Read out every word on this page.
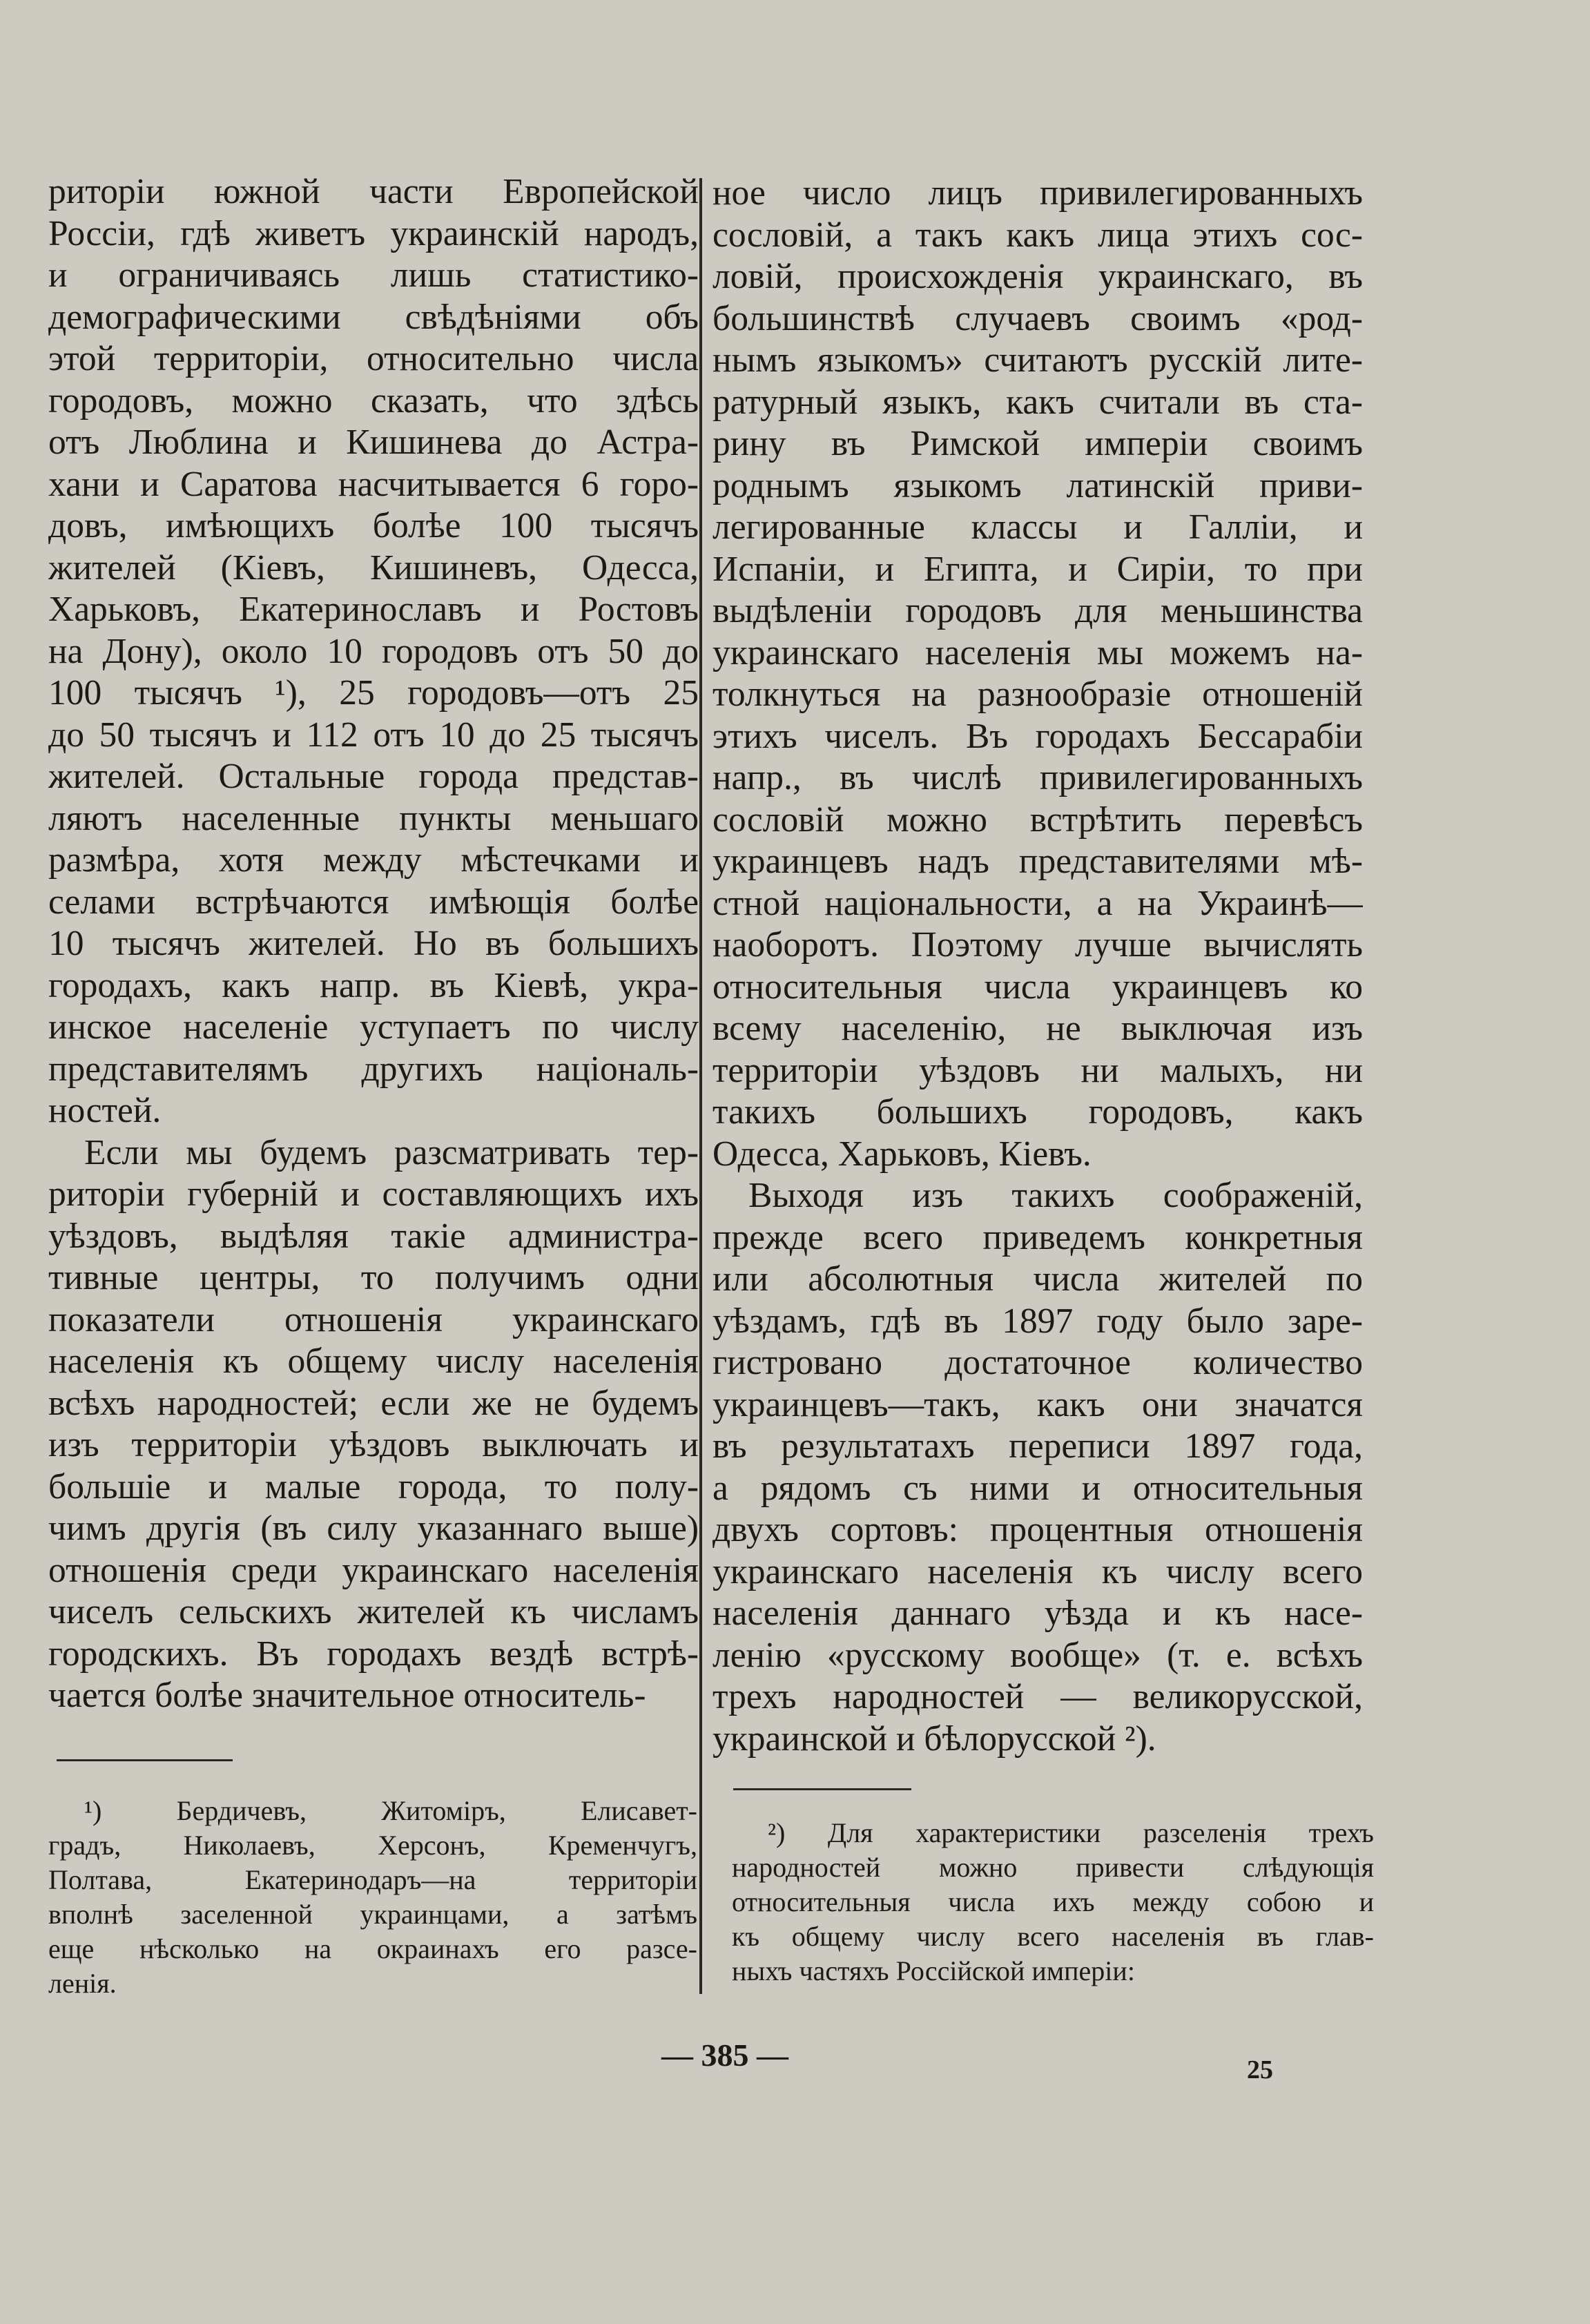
риторіи южной части Европейской
Россіи, гдѣ живетъ украинскій народъ,
и ограничиваясь лишь статистико-
демографическими свѣдѣніями объ
этой территоріи, относительно числа
городовъ, можно сказать, что здѣсь
отъ Люблина и Кишинева до Астра-
хани и Саратова насчитывается 6 горо-
довъ, имѣющихъ болѣе 100 тысячъ
жителей (Кіевъ, Кишиневъ, Одесса,
Харьковъ, Екатеринославъ и Ростовъ
на Дону), около 10 городовъ отъ 50 до
100 тысячъ ¹), 25 городовъ—отъ 25
до 50 тысячъ и 112 отъ 10 до 25 тысячъ
жителей. Остальные города представ-
ляютъ населенные пункты меньшаго
размѣра, хотя между мѣстечками и
селами встрѣчаются имѣющія болѣе
10 тысячъ жителей. Но въ большихъ
городахъ, какъ напр. въ Кіевѣ, укра-
инское населеніе уступаетъ по числу
представителямъ другихъ національ-
ностей.
Если мы будемъ разсматривать тер-
риторіи губерній и составляющихъ ихъ
уѣздовъ, выдѣляя такіе администра-
тивные центры, то получимъ одни
показатели отношенія украинскаго
населенія къ общему числу населенія
всѣхъ народностей; если же не будемъ
изъ территоріи уѣздовъ выключать и
большіе и малые города, то полу-
чимъ другія (въ силу указаннаго выше)
отношенія среди украинскаго населенія
чиселъ сельскихъ жителей къ числамъ
городскихъ. Въ городахъ вездѣ встрѣ-
чается болѣе значительное относитель-
ное число лицъ привилегированныхъ
сословій, а такъ какъ лица этихъ сос-
ловій, происхожденія украинскаго, въ
большинствѣ случаевъ своимъ «род-
нымъ языкомъ» считаютъ русскій лите-
ратурный языкъ, какъ считали въ ста-
рину въ Римской имперіи своимъ
роднымъ языкомъ латинскій приви-
легированные классы и Галліи, и
Испаніи, и Египта, и Сиріи, то при
выдѣленіи городовъ для меньшинства
украинскаго населенія мы можемъ на-
толкнуться на разнообразіе отношеній
этихъ чиселъ. Въ городахъ Бессарабіи
напр., въ числѣ привилегированныхъ
сословій можно встрѣтить перевѣсъ
украинцевъ надъ представителями мѣ-
стной національности, а на Украинѣ—
наоборотъ. Поэтому лучше вычислять
относительныя числа украинцевъ ко
всему населенію, не выключая изъ
территоріи уѣздовъ ни малыхъ, ни
такихъ большихъ городовъ, какъ
Одесса, Харьковъ, Кіевъ.
Выходя изъ такихъ соображеній,
прежде всего приведемъ конкретныя
или абсолютныя числа жителей по
уѣздамъ, гдѣ въ 1897 году было заре-
гистровано достаточное количество
украинцевъ—такъ, какъ они значатся
въ результатахъ переписи 1897 года,
а рядомъ съ ними и относительныя
двухъ сортовъ: процентныя отношенія
украинскаго населенія къ числу всего
населенія даннаго уѣзда и къ насе-
ленію «русскому вообще» (т. е. всѣхъ
трехъ народностей — великорусской,
украинской и бѣлорусской ²).
¹) Бердичевъ, Житоміръ, Елисавет-
градъ, Николаевъ, Херсонъ, Кременчугъ,
Полтава, Екатеринодаръ—на территоріи
вполнѣ заселенной украинцами, а затѣмъ
еще нѣсколько на окраинахъ его разсе-
ленія.
²) Для характеристики разселенія трехъ
народностей можно привести слѣдующія
относительныя числа ихъ между собою и
къ общему числу всего населенія въ глав-
ныхъ частяхъ Россійской имперіи:
— 385 —	25
